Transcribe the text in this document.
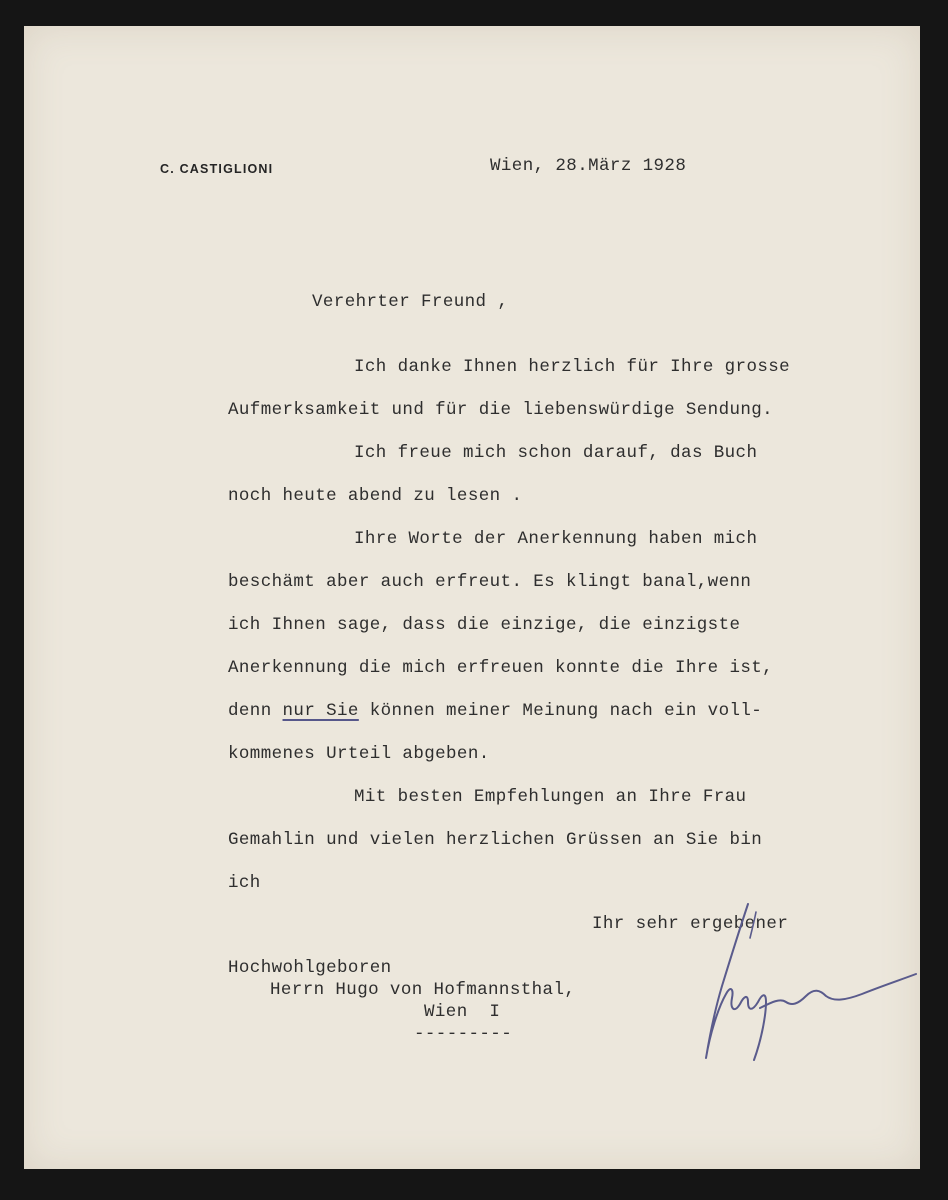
C. CASTIGLIONI	Wien, 28.März 1928
Verehrter Freund ,
Ich danke Ihnen herzlich für Ihre grosse
Aufmerksamkeit und für die liebenswürdige Sendung.
Ich freue mich schon darauf, das Buch
noch heute abend zu lesen .
Ihre Worte der Anerkennung haben mich
beschämt aber auch erfreut. Es klingt banal,wenn
ich Ihnen sage, dass die einzige, die einzigste
Anerkennung die mich erfreuen konnte die Ihre ist,
denn nur Sie können meiner Meinung nach ein voll-
kommenes Urteil abgeben.
Mit besten Empfehlungen an Ihre Frau
Gemahlin und vielen herzlichen Grüssen an Sie bin
ich
Ihr sehr ergebener
Hochwohlgeboren
Herrn Hugo von Hofmannsthal,
Wien  I
---------
